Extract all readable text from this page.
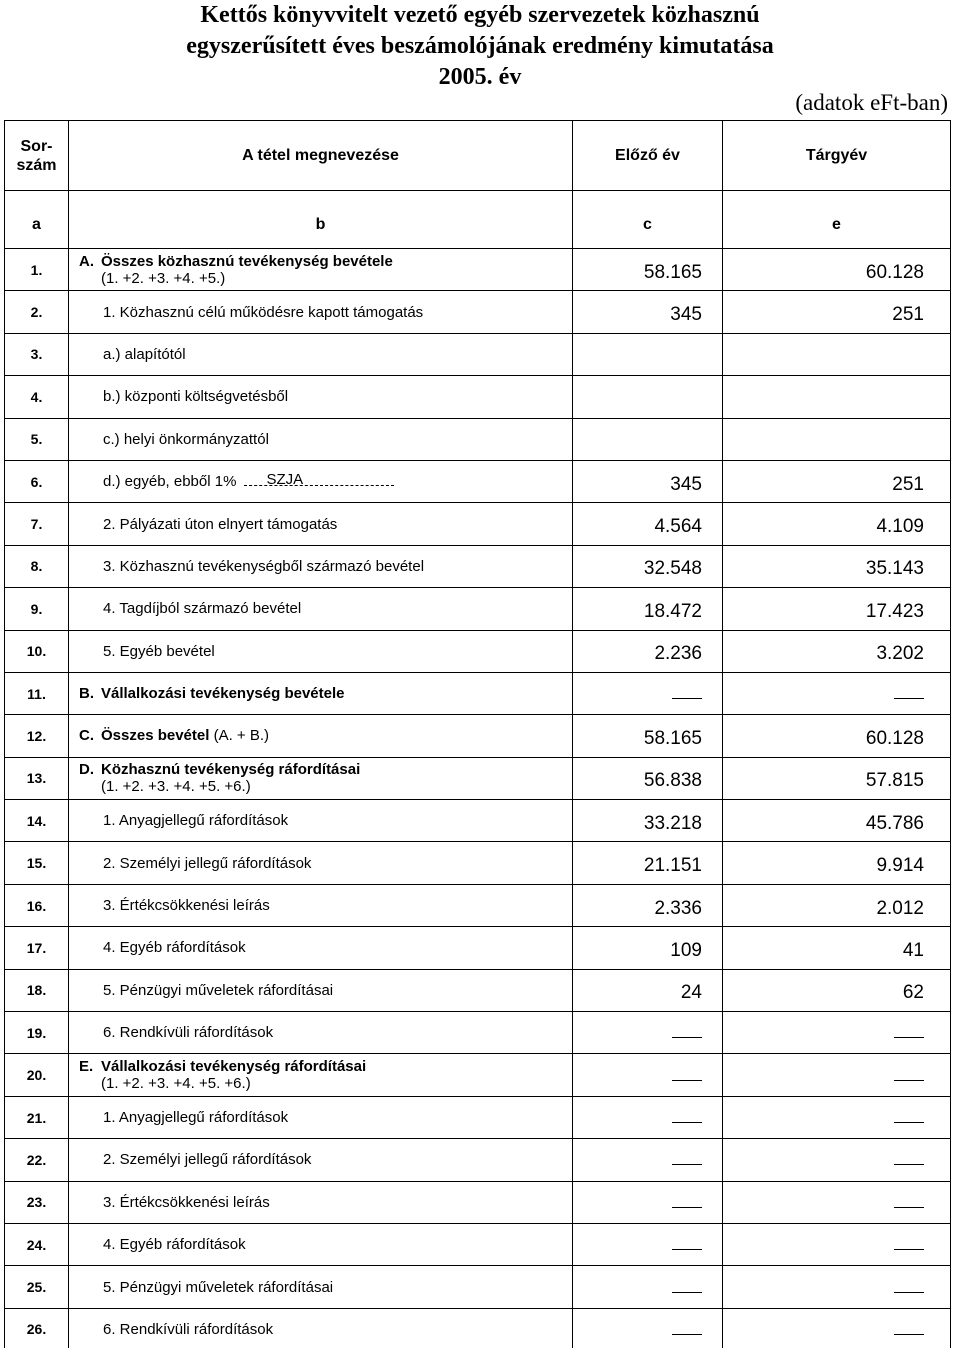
Kettős könyvvitelt vezető egyéb szervezetek közhasznú
egyszerűsített éves beszámolójának eredmény kimutatása
2005. év
(adatok eFt-ban)
Sor-
szám	A tétel megnevezése	Előző év	Tárgyév
a	b	c	e
1.	A. Összes közhasznú tevékenység bevétele
(1. +2. +3. +4. +5.)	58.165	60.128
2.	1. Közhasznú célú működésre kapott támogatás	345	251
3.	a.) alapítótól		
4.	b.) központi költségvetésből		
5.	c.) helyi önkormányzattól		
6.	d.) egyéb, ebből 1% SZJA	345	251
7.	2. Pályázati úton elnyert támogatás	4.564	4.109
8.	3. Közhasznú tevékenységből származó bevétel	32.548	35.143
9.	4. Tagdíjból származó bevétel	18.472	17.423
10.	5. Egyéb bevétel	2.236	3.202
11.	B. Vállalkozási tevékenység bevétele		
12.	C. Összes bevétel (A. + B.)	58.165	60.128
13.	D. Közhasznú tevékenység ráfordításai
(1. +2. +3. +4. +5. +6.)	56.838	57.815
14.	1. Anyagjellegű ráfordítások	33.218	45.786
15.	2. Személyi jellegű ráfordítások	21.151	9.914
16.	3. Értékcsökkenési leírás	2.336	2.012
17.	4. Egyéb ráfordítások	109	41
18.	5. Pénzügyi műveletek ráfordításai	24	62
19.	6. Rendkívüli ráfordítások		
20.	E. Vállalkozási tevékenység ráfordításai
(1. +2. +3. +4. +5. +6.)		

21.	1. Anyagjellegű ráfordítások		
22.	2. Személyi jellegű ráfordítások		
23.	3. Értékcsökkenési leírás		
24.	4. Egyéb ráfordítások		
25.	5. Pénzügyi műveletek ráfordításai		
26.	6. Rendkívüli ráfordítások		
